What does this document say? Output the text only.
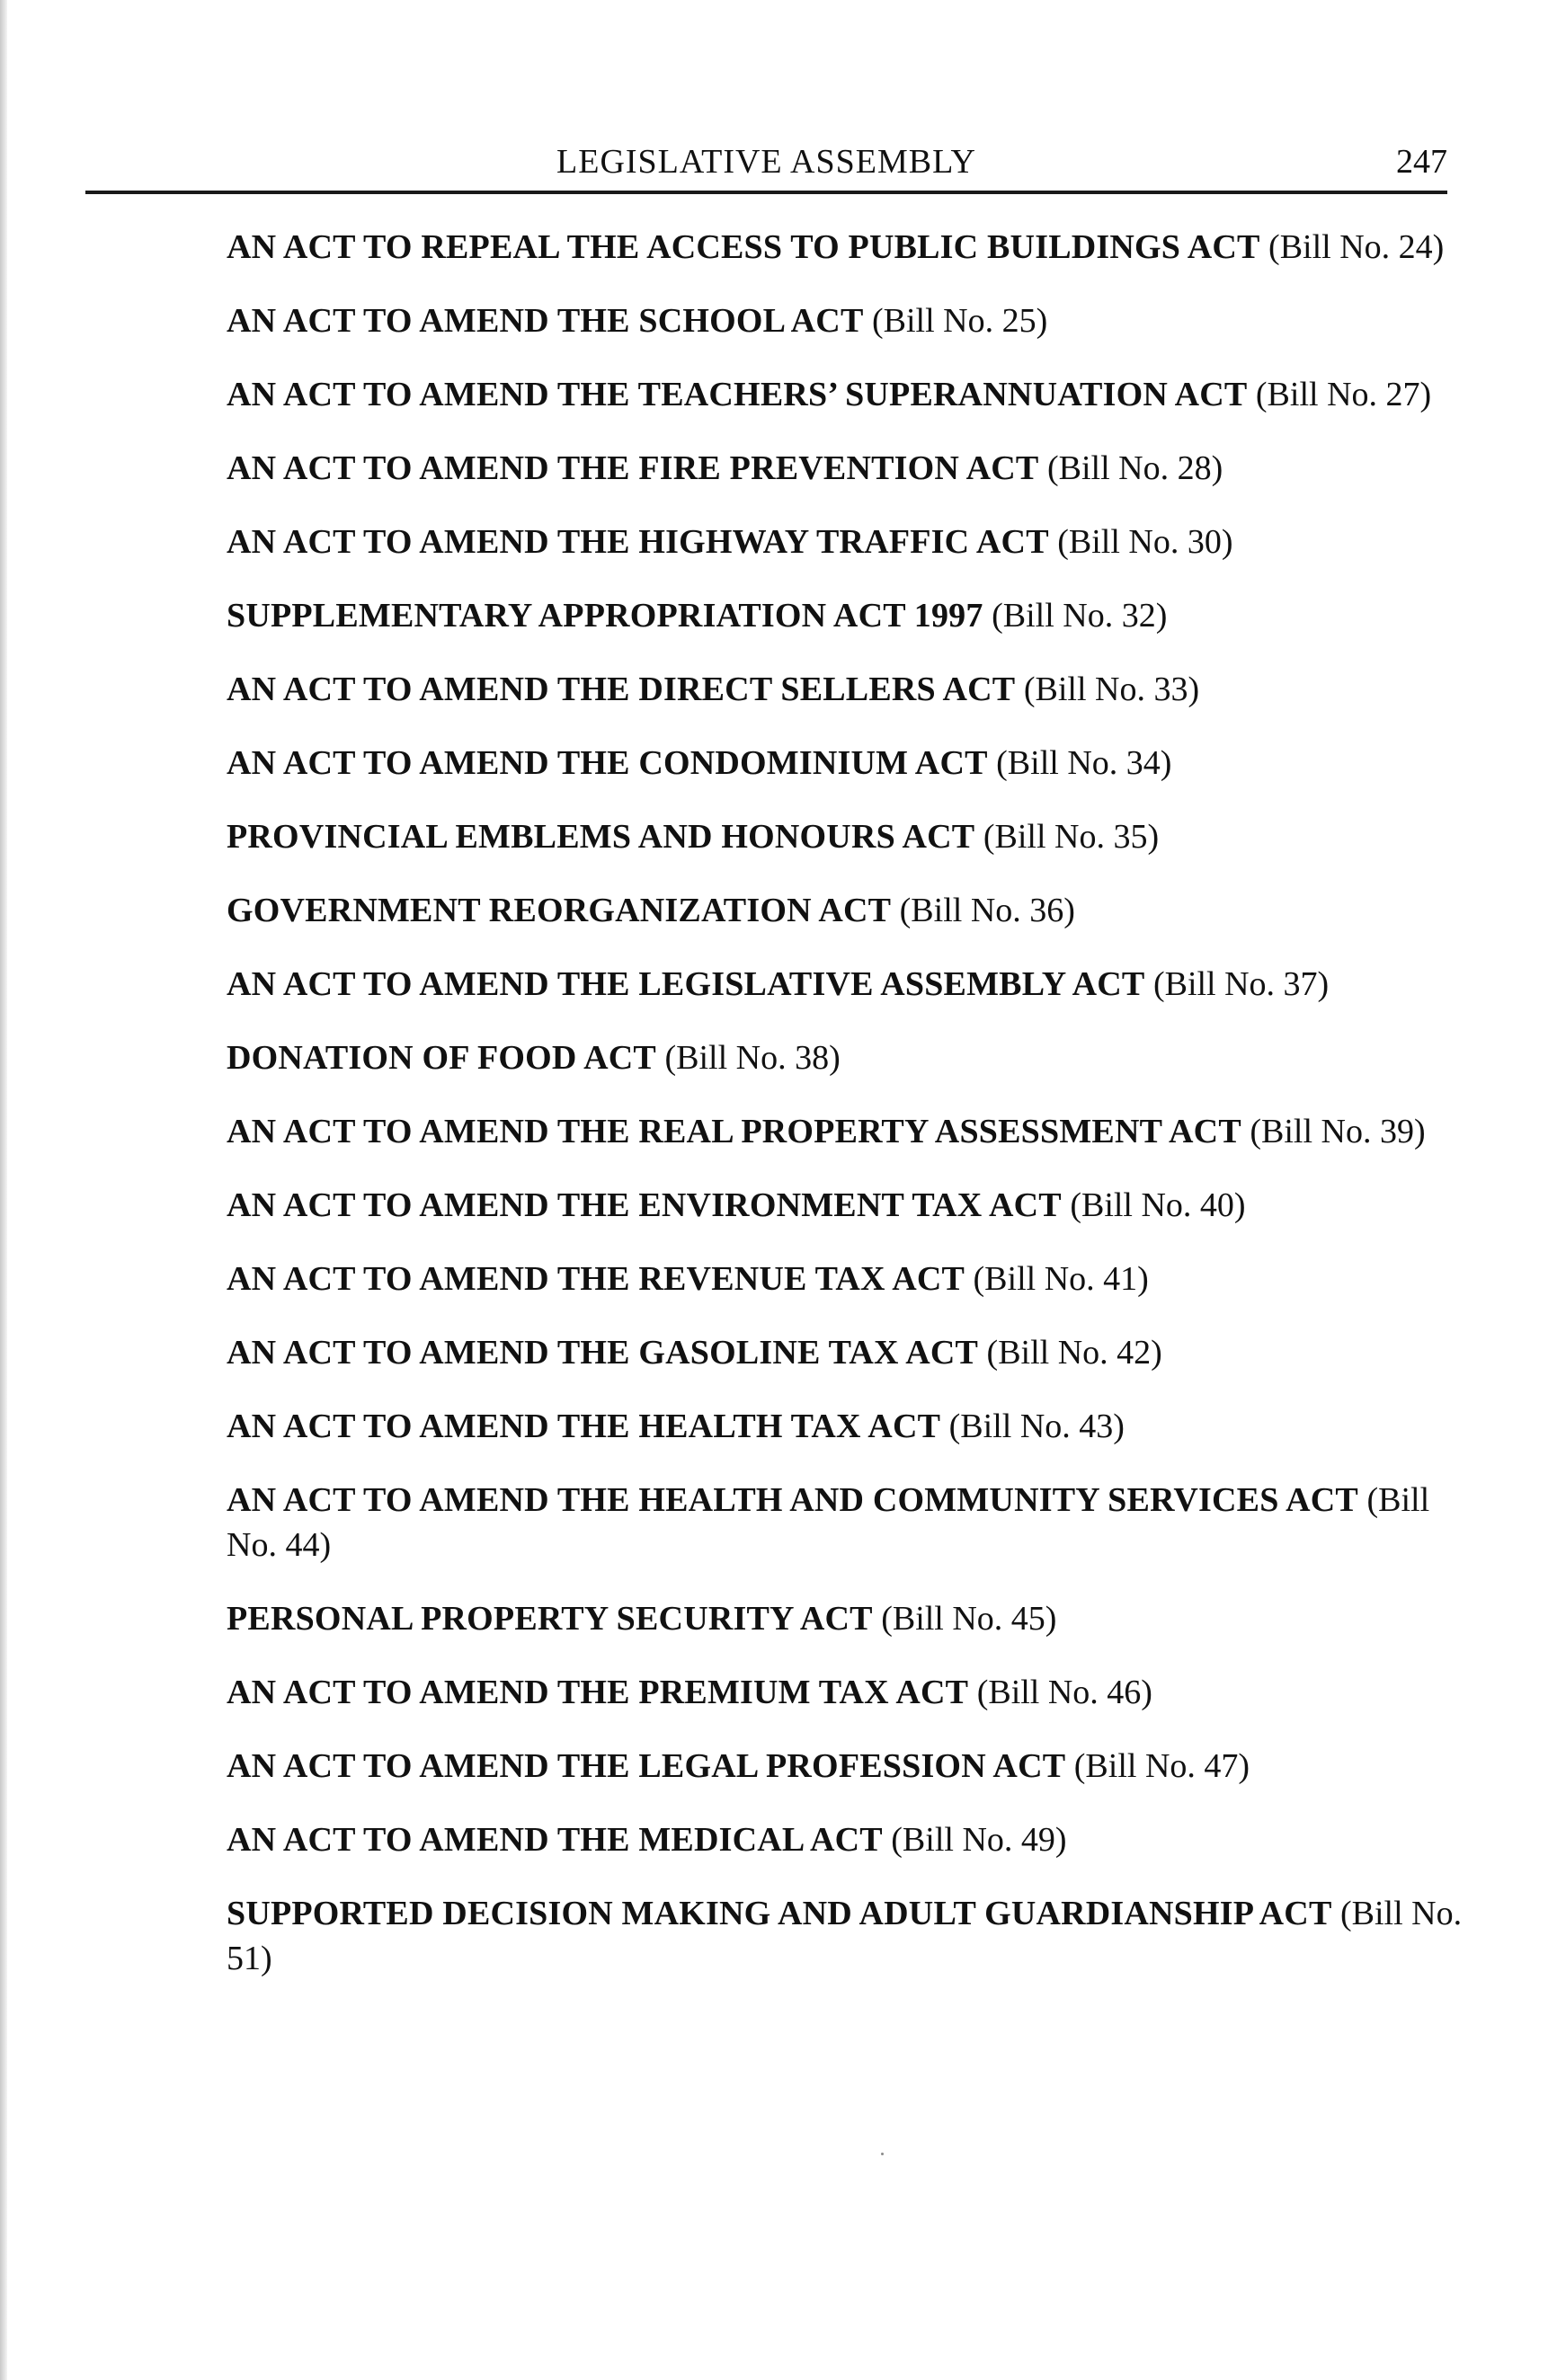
LEGISLATIVE ASSEMBLY	247
AN ACT TO REPEAL THE ACCESS TO PUBLIC BUILDINGS ACT (Bill No. 24)
AN ACT TO AMEND THE SCHOOL ACT (Bill No. 25)
AN ACT TO AMEND THE TEACHERS’ SUPERANNUATION ACT (Bill No. 27)
AN ACT TO AMEND THE FIRE PREVENTION ACT (Bill No. 28)
AN ACT TO AMEND THE HIGHWAY TRAFFIC ACT (Bill No. 30)
SUPPLEMENTARY APPROPRIATION ACT 1997 (Bill No. 32)
AN ACT TO AMEND THE DIRECT SELLERS ACT (Bill No. 33)
AN ACT TO AMEND THE CONDOMINIUM ACT (Bill No. 34)
PROVINCIAL EMBLEMS AND HONOURS ACT (Bill No. 35)
GOVERNMENT REORGANIZATION ACT (Bill No. 36)
AN ACT TO AMEND THE LEGISLATIVE ASSEMBLY ACT (Bill No. 37)
DONATION OF FOOD ACT (Bill No. 38)
AN ACT TO AMEND THE REAL PROPERTY ASSESSMENT ACT (Bill No. 39)
AN ACT TO AMEND THE ENVIRONMENT TAX ACT (Bill No. 40)
AN ACT TO AMEND THE REVENUE TAX ACT (Bill No. 41)
AN ACT TO AMEND THE GASOLINE TAX ACT (Bill No. 42)
AN ACT TO AMEND THE HEALTH TAX ACT (Bill No. 43)
AN ACT TO AMEND THE HEALTH AND COMMUNITY SERVICES ACT (Bill No. 44)
PERSONAL PROPERTY SECURITY ACT (Bill No. 45)
AN ACT TO AMEND THE PREMIUM TAX ACT (Bill No. 46)
AN ACT TO AMEND THE LEGAL PROFESSION ACT (Bill No. 47)
AN ACT TO AMEND THE MEDICAL ACT (Bill No. 49)
SUPPORTED DECISION MAKING AND ADULT GUARDIANSHIP ACT (Bill No. 51)
